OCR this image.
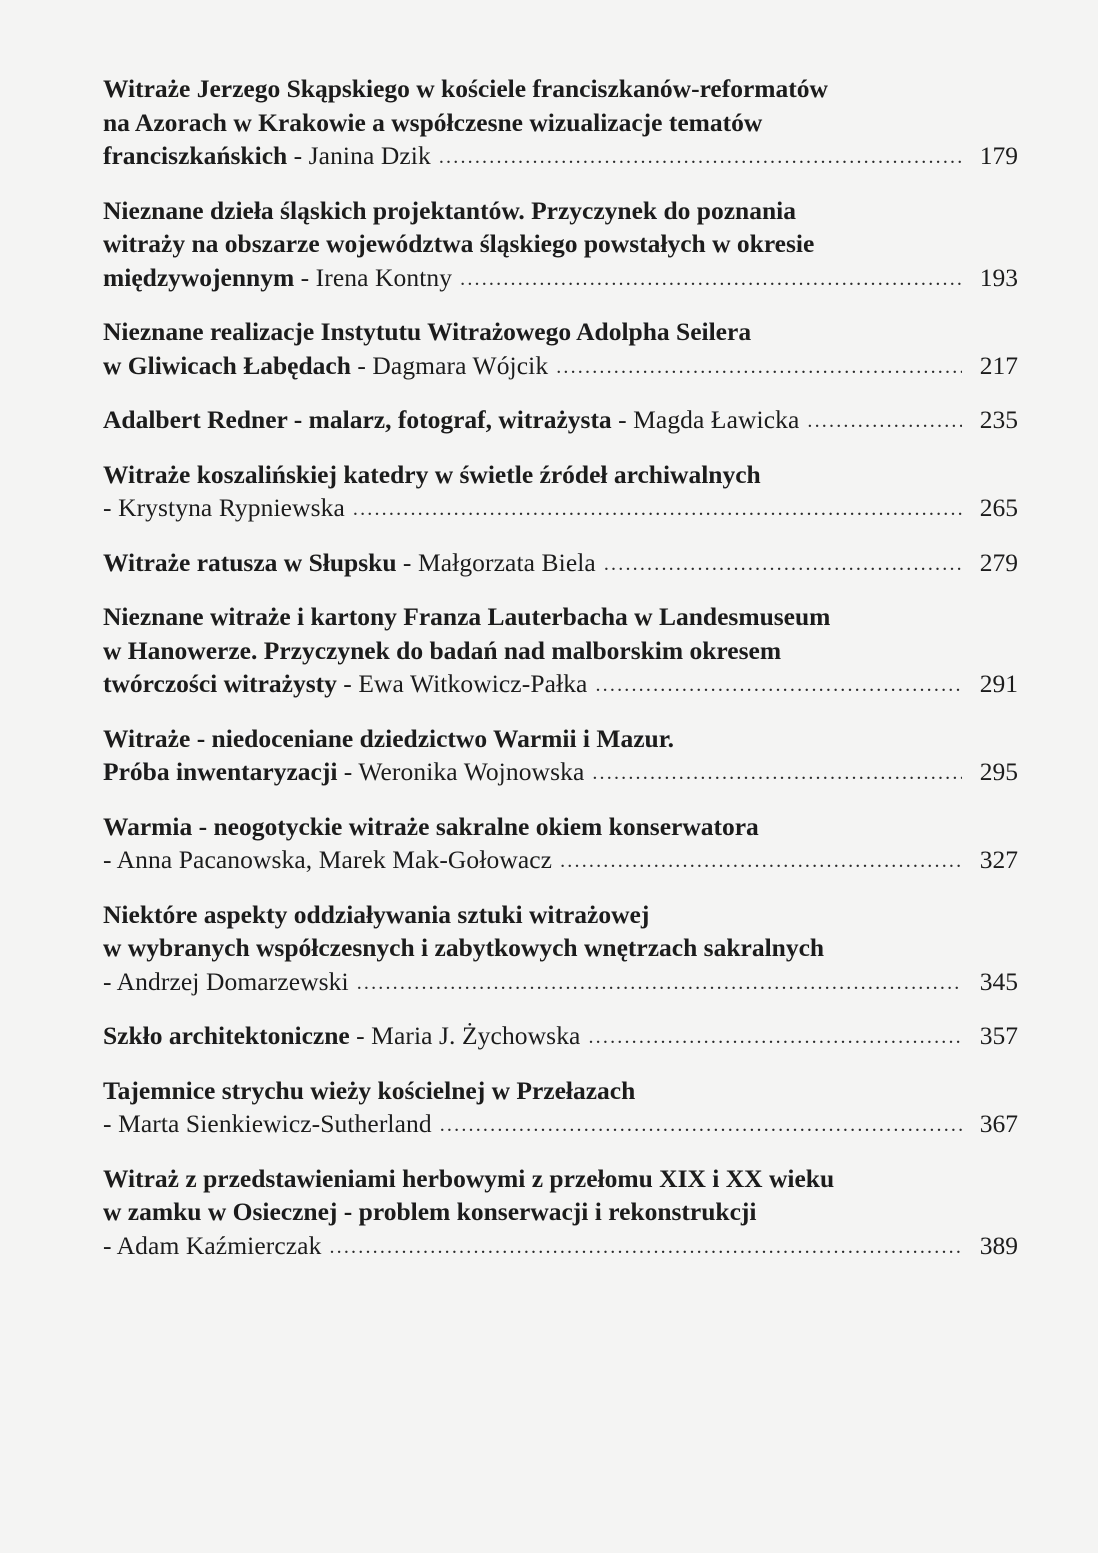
Witraże Jerzego Skąpskiego w kościele franciszkanów-reformatów
na Azorach w Krakowie a współczesne wizualizacje tematów
franciszkańskich - Janina Dzik .....	179
Nieznane dzieła śląskich projektantów. Przyczynek do poznania
witraży na obszarze województwa śląskiego powstałych w okresie
międzywojennym - Irena Kontny .....	193
Nieznane realizacje Instytutu Witrażowego Adolpha Seilera
w Gliwicach Łabędach - Dagmara Wójcik .....	217
Adalbert Redner - malarz, fotograf, witrażysta - Magda Ławicka .....	235
Witraże koszalińskiej katedry w świetle źródeł archiwalnych
- Krystyna Rypniewska .....	265
Witraże ratusza w Słupsku - Małgorzata Biela .....	279
Nieznane witraże i kartony Franza Lauterbacha w Landesmuseum
w Hanowerze. Przyczynek do badań nad malborskim okresem
twórczości witrażysty - Ewa Witkowicz-Pałka .....	291
Witraże - niedoceniane dziedzictwo Warmii i Mazur.
Próba inwentaryzacji - Weronika Wojnowska .....	295
Warmia - neogotyckie witraże sakralne okiem konserwatora
- Anna Pacanowska, Marek Mak-Gołowacz .....	327
Niektóre aspekty oddziaływania sztuki witrażowej
w wybranych współczesnych i zabytkowych wnętrzach sakralnych
- Andrzej Domarzewski .....	345
Szkło architektoniczne - Maria J. Żychowska .....	357
Tajemnice strychu wieży kościelnej w Przełazach
- Marta Sienkiewicz-Sutherland .....	367
Witraż z przedstawieniami herbowymi z przełomu XIX i XX wieku
w zamku w Osiecznej - problem konserwacji i rekonstrukcji
- Adam Kaźmierczak .....	389
